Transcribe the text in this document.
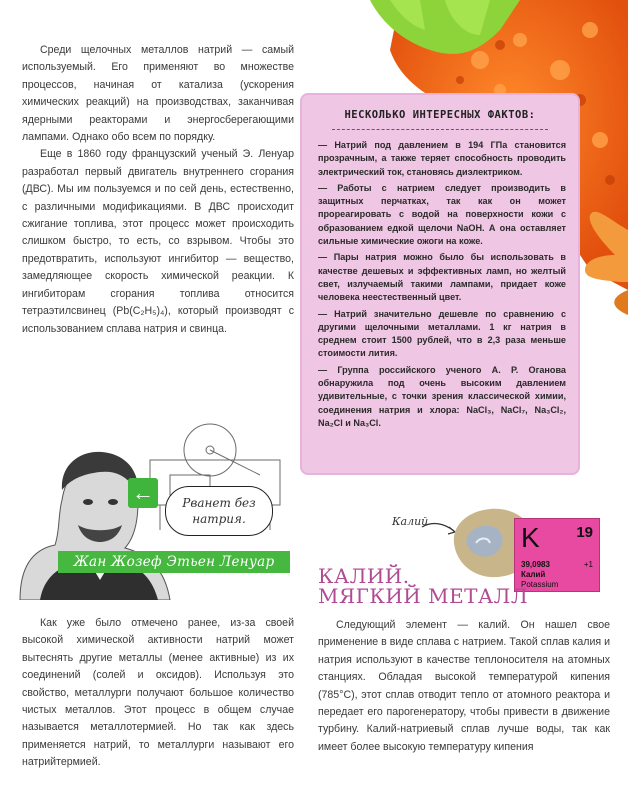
Среди щелочных металлов натрий — самый используемый. Его применяют во множестве процессов, начиная от катализа (ускорения химических реакций) на производствах, заканчивая ядерными реакторами и энергосберегающими лампами. Однако обо всем по порядку.

Еще в 1860 году французский ученый Э. Ленуар разработал первый двигатель внутреннего сгорания (ДВС). Мы им пользуемся и по сей день, естественно, с различными модификациями. В ДВС происходит сжигание топлива, этот процесс может происходить слишком быстро, то есть, со взрывом. Чтобы это предотвратить, используют ингибитор — вещество, замедляющее скорость химической реакции. К ингибиторам сгорания топлива относится тетраэтилсвинец (Pb(C₂H₅)₄), который производят с использованием сплава натрия и свинца.

НЕСКОЛЬКО ИНТЕРЕСНЫХ ФАКТОВ:
— Натрий под давлением в 194 ГПа становится прозрачным, а также теряет способность проводить электрический ток, становясь диэлектриком.
— Работы с натрием следует производить в защитных перчатках, так как он может прореагировать с водой на поверхности кожи с образованием едкой щелочи NaOH. А она оставляет сильные химические ожоги на коже.
— Пары натрия можно было бы использовать в качестве дешевых и эффективных ламп, но желтый свет, излучаемый такими лампами, придает коже человека неестественный цвет.
— Натрий значительно дешевле по сравнению с другими щелочными металлами. 1 кг натрия в среднем стоит 1500 рублей, что в 2,3 раза меньше стоимости лития.
— Группа российского ученого А. Р. Оганова обнаружила под очень высоким давлением удивительные, с точки зрения классической химии, соединения натрия и хлора: NaCl₃, NaCl₇, Na₃Cl₂, Na₂Cl и Na₃Cl.
←	Рванет без натрия.
Жан Жозеф Этьен Ленуар

Как уже было отмечено ранее, из-за своей высокой химической активности натрий может вытеснять другие металлы (менее активные) из их соединений (солей и оксидов). Используя это свойство, металлурги получают большое количество чистых металлов. Этот процесс в общем случае называется металлотермией. Но так как здесь применяется натрий, то металлурги называют его натрийтермией.

Калий
K 19
39,0983	+1
Калий
Potassium
КАЛИЙ.
МЯГКИЙ МЕТАЛЛ

Следующий элемент — калий. Он нашел свое применение в виде сплава с натрием. Такой сплав калия и натрия используют в качестве теплоносителя на атомных станциях. Обладая высокой температурой кипения (785°С), этот сплав отводит тепло от атомного реактора и передает его парогенератору, чтобы привести в движение турбину. Калий-натриевый сплав лучше воды, так как имеет более высокую температуру кипения
